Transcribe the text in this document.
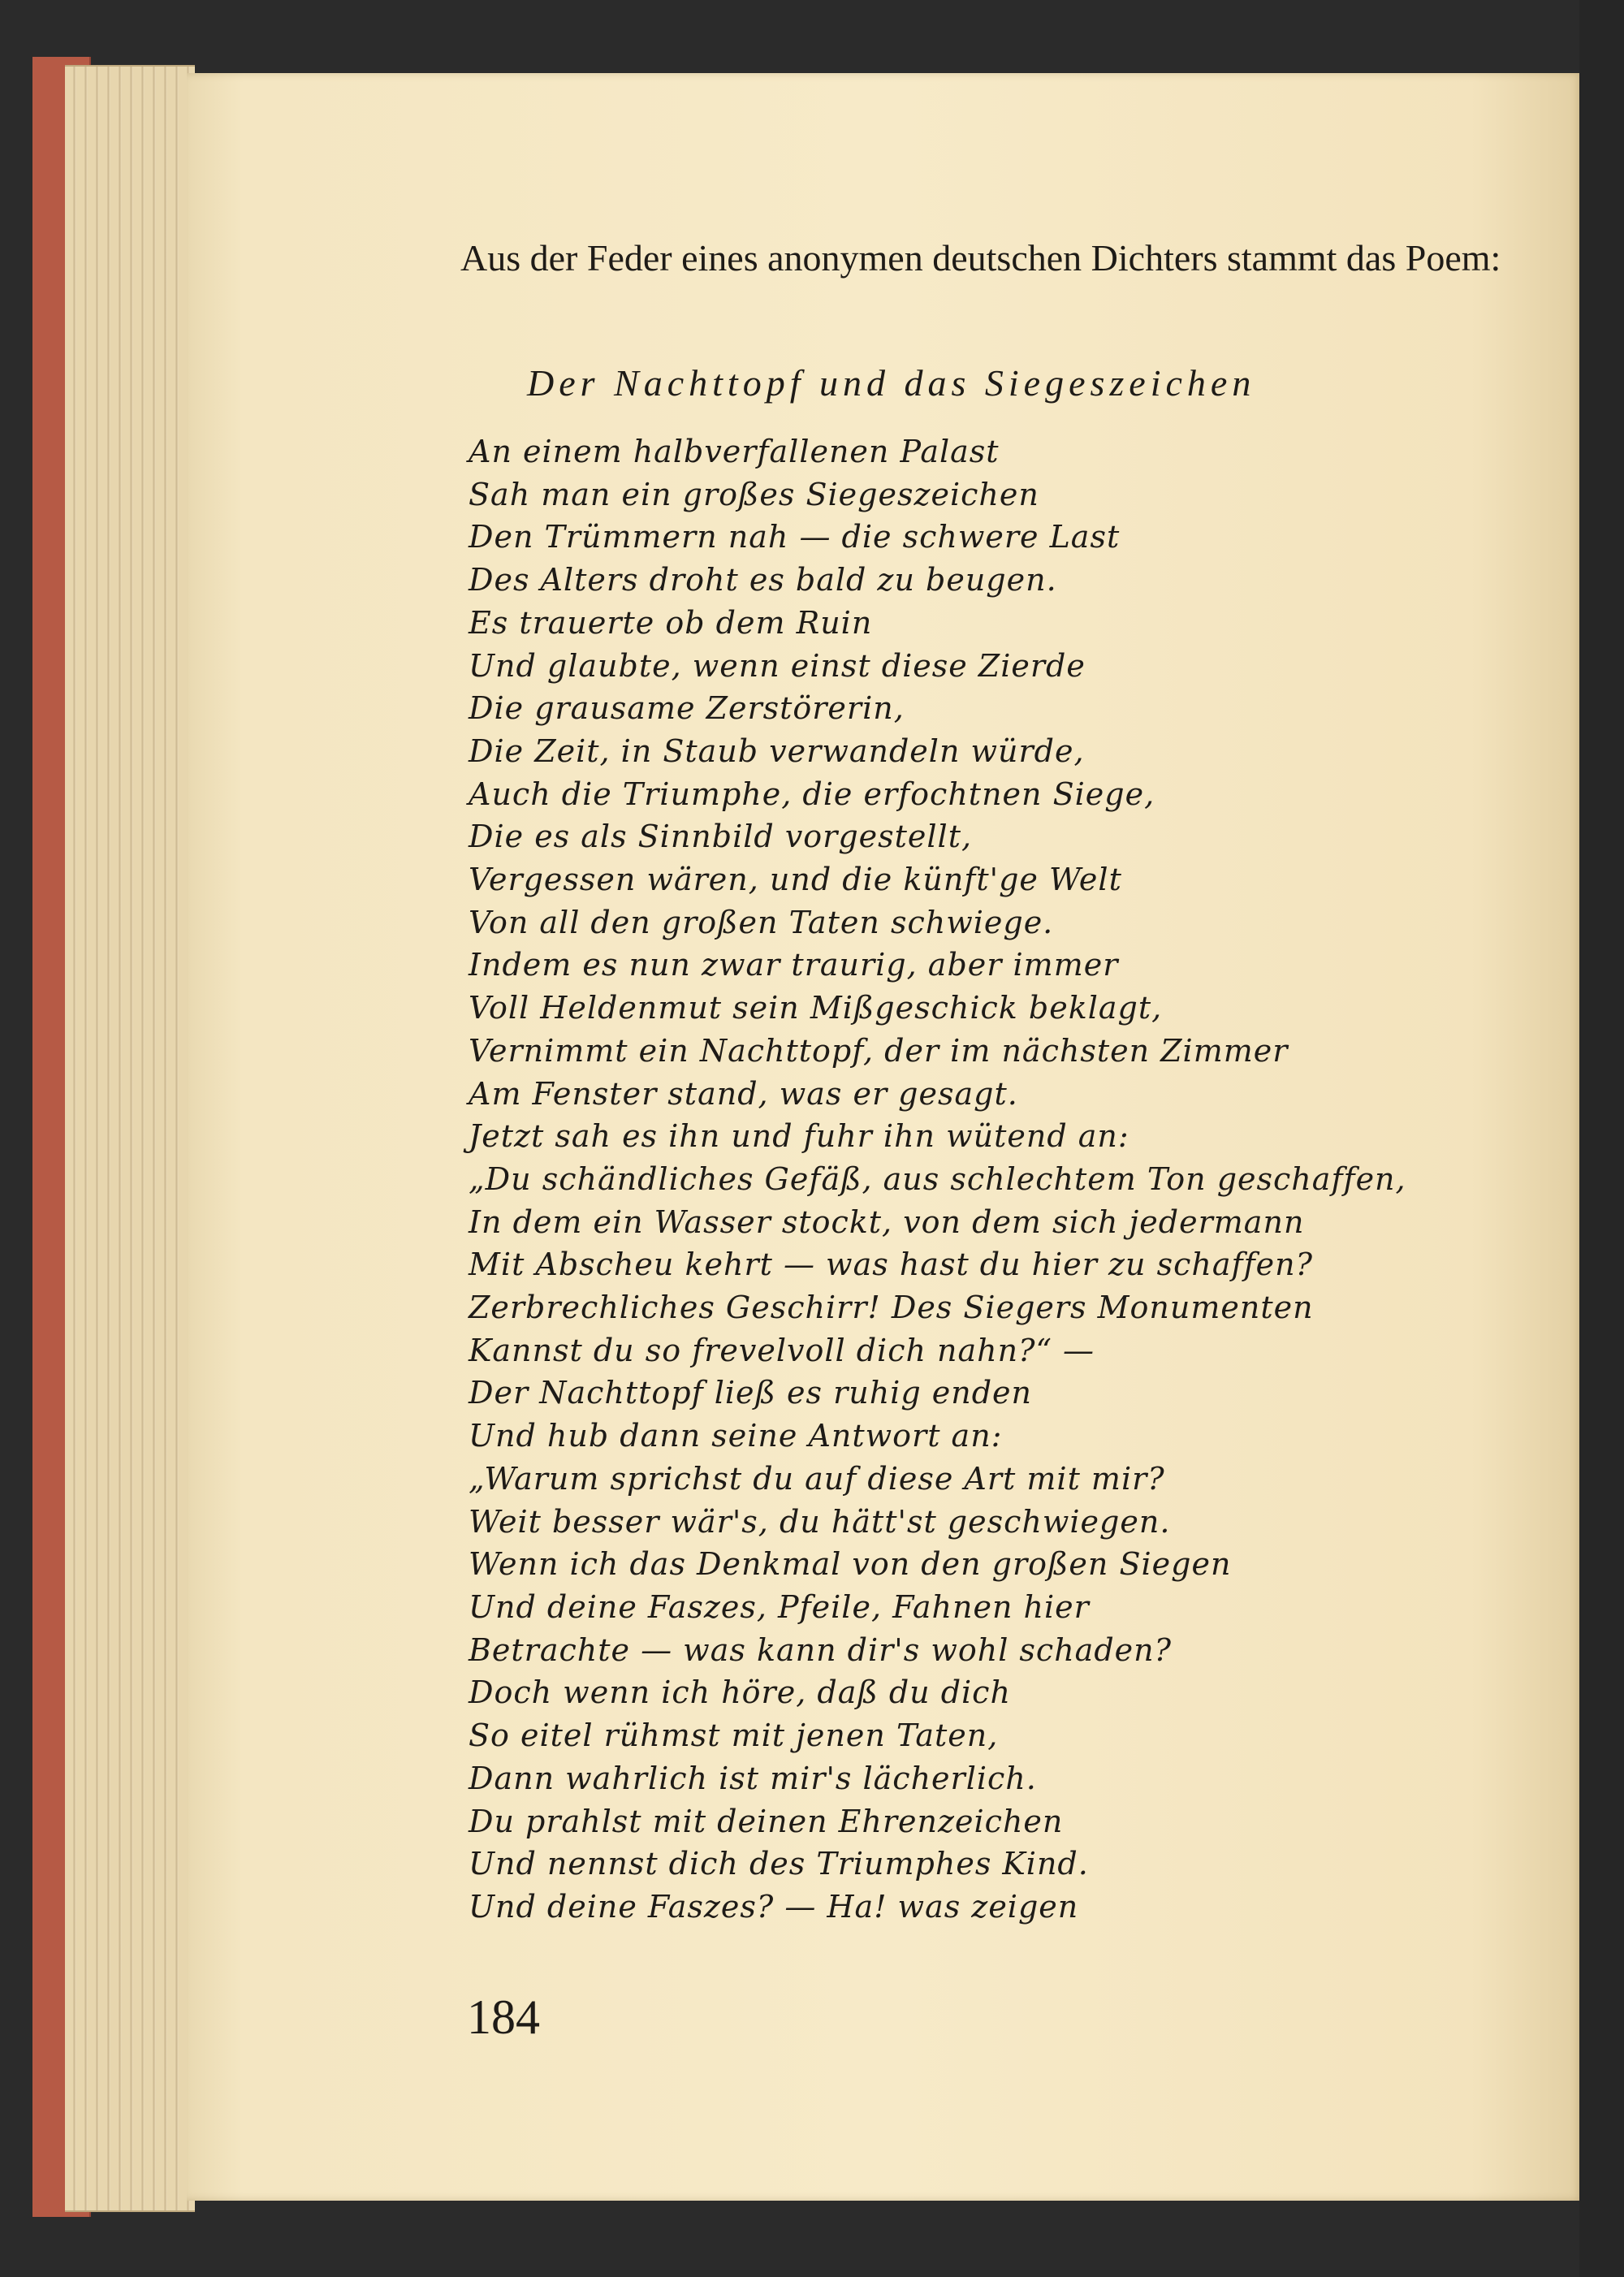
Aus der Feder eines anonymen deutschen Dichters stammt das Poem:

Der Nachttopf und das Siegeszeichen

An einem halbverfallenen Palast
Sah man ein großes Siegeszeichen
Den Trümmern nah — die schwere Last
Des Alters droht es bald zu beugen.
Es trauerte ob dem Ruin
Und glaubte, wenn einst diese Zierde
Die grausame Zerstörerin,
Die Zeit, in Staub verwandeln würde,
Auch die Triumphe, die erfochtnen Siege,
Die es als Sinnbild vorgestellt,
Vergessen wären, und die künft'ge Welt
Von all den großen Taten schwiege.
Indem es nun zwar traurig, aber immer
Voll Heldenmut sein Mißgeschick beklagt,
Vernimmt ein Nachttopf, der im nächsten Zimmer
Am Fenster stand, was er gesagt.
Jetzt sah es ihn und fuhr ihn wütend an:
„Du schändliches Gefäß, aus schlechtem Ton geschaffen,
In dem ein Wasser stockt, von dem sich jedermann
Mit Abscheu kehrt — was hast du hier zu schaffen?
Zerbrechliches Geschirr! Des Siegers Monumenten
Kannst du so frevelvoll dich nahn?“ —
Der Nachttopf ließ es ruhig enden
Und hub dann seine Antwort an:
„Warum sprichst du auf diese Art mit mir?
Weit besser wär's, du hätt'st geschwiegen.
Wenn ich das Denkmal von den großen Siegen
Und deine Faszes, Pfeile, Fahnen hier
Betrachte — was kann dir's wohl schaden?
Doch wenn ich höre, daß du dich
So eitel rühmst mit jenen Taten,
Dann wahrlich ist mir's lächerlich.
Du prahlst mit deinen Ehrenzeichen
Und nennst dich des Triumphes Kind.
Und deine Faszes? — Ha! was zeigen

184
